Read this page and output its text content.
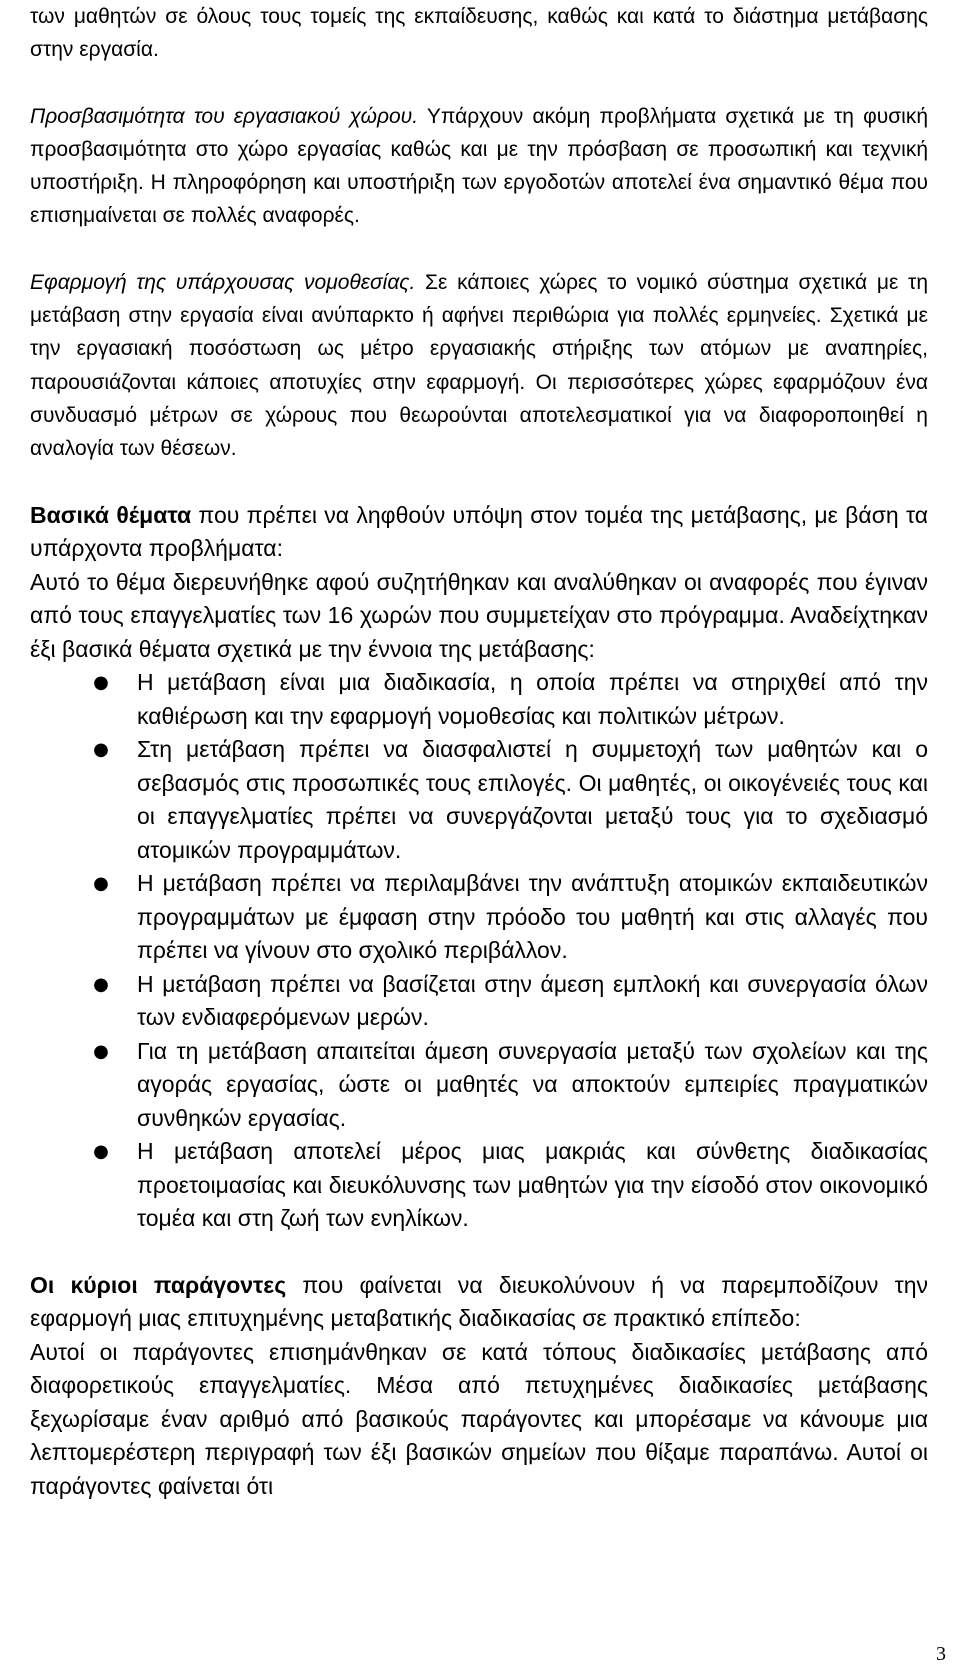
των μαθητών σε όλους τους τομείς της εκπαίδευσης, καθώς και κατά το διάστημα μετάβασης στην εργασία.

Προσβασιμότητα του εργασιακού χώρου. Υπάρχουν ακόμη προβλήματα σχετικά με τη φυσική προσβασιμότητα στο χώρο εργασίας καθώς και με την πρόσβαση σε προσωπική και τεχνική υποστήριξη. Η πληροφόρηση και υποστήριξη των εργοδοτών αποτελεί ένα σημαντικό θέμα που επισημαίνεται σε πολλές αναφορές.

Εφαρμογή της υπάρχουσας νομοθεσίας. Σε κάποιες χώρες το νομικό σύστημα σχετικά με τη μετάβαση στην εργασία είναι ανύπαρκτο ή αφήνει περιθώρια για πολλές ερμηνείες. Σχετικά με την εργασιακή ποσόστωση ως μέτρο εργασιακής στήριξης των ατόμων με αναπηρίες, παρουσιάζονται κάποιες αποτυχίες στην εφαρμογή. Οι περισσότερες χώρες εφαρμόζουν ένα συνδυασμό μέτρων σε χώρους που θεωρούνται αποτελεσματικοί για να διαφοροποιηθεί η αναλογία των θέσεων.

Βασικά θέματα που πρέπει να ληφθούν υπόψη στον τομέα της μετάβασης, με βάση τα υπάρχοντα προβλήματα:

Αυτό το θέμα διερευνήθηκε αφού συζητήθηκαν και αναλύθηκαν οι αναφορές που έγιναν από τους επαγγελματίες των 16 χωρών που συμμετείχαν στο πρόγραμμα. Αναδείχτηκαν έξι βασικά θέματα σχετικά με την έννοια της μετάβασης:

● Η μετάβαση είναι μια διαδικασία, η οποία πρέπει να στηριχθεί από την καθιέρωση και την εφαρμογή νομοθεσίας και πολιτικών μέτρων.
● Στη μετάβαση πρέπει να διασφαλιστεί η συμμετοχή των μαθητών και ο σεβασμός στις προσωπικές τους επιλογές. Οι μαθητές, οι οικογένειές τους και οι επαγγελματίες πρέπει να συνεργάζονται μεταξύ τους για το σχεδιασμό ατομικών προγραμμάτων.
● Η μετάβαση πρέπει να περιλαμβάνει την ανάπτυξη ατομικών εκπαιδευτικών προγραμμάτων με έμφαση στην πρόοδο του μαθητή και στις αλλαγές που πρέπει να γίνουν στο σχολικό περιβάλλον.
● Η μετάβαση πρέπει να βασίζεται στην άμεση εμπλοκή και συνεργασία όλων των ενδιαφερόμενων μερών.
● Για τη μετάβαση απαιτείται άμεση συνεργασία μεταξύ των σχολείων και της αγοράς εργασίας, ώστε οι μαθητές να αποκτούν εμπειρίες πραγματικών συνθηκών εργασίας.
● Η μετάβαση αποτελεί μέρος μιας μακριάς και σύνθετης διαδικασίας προετοιμασίας και διευκόλυνσης των μαθητών για την είσοδό στον οικονομικό τομέα και στη ζωή των ενηλίκων.

Οι κύριοι παράγοντες που φαίνεται να διευκολύνουν ή να παρεμποδίζουν την εφαρμογή μιας επιτυχημένης μεταβατικής διαδικασίας σε πρακτικό επίπεδο:

Αυτοί οι παράγοντες επισημάνθηκαν σε κατά τόπους διαδικασίες μετάβασης από διαφορετικούς επαγγελματίες. Μέσα από πετυχημένες διαδικασίες μετάβασης ξεχωρίσαμε έναν αριθμό από βασικούς παράγοντες και μπορέσαμε να κάνουμε μια λεπτομερέστερη περιγραφή των έξι βασικών σημείων που θίξαμε παραπάνω. Αυτοί οι παράγοντες φαίνεται ότι

3
